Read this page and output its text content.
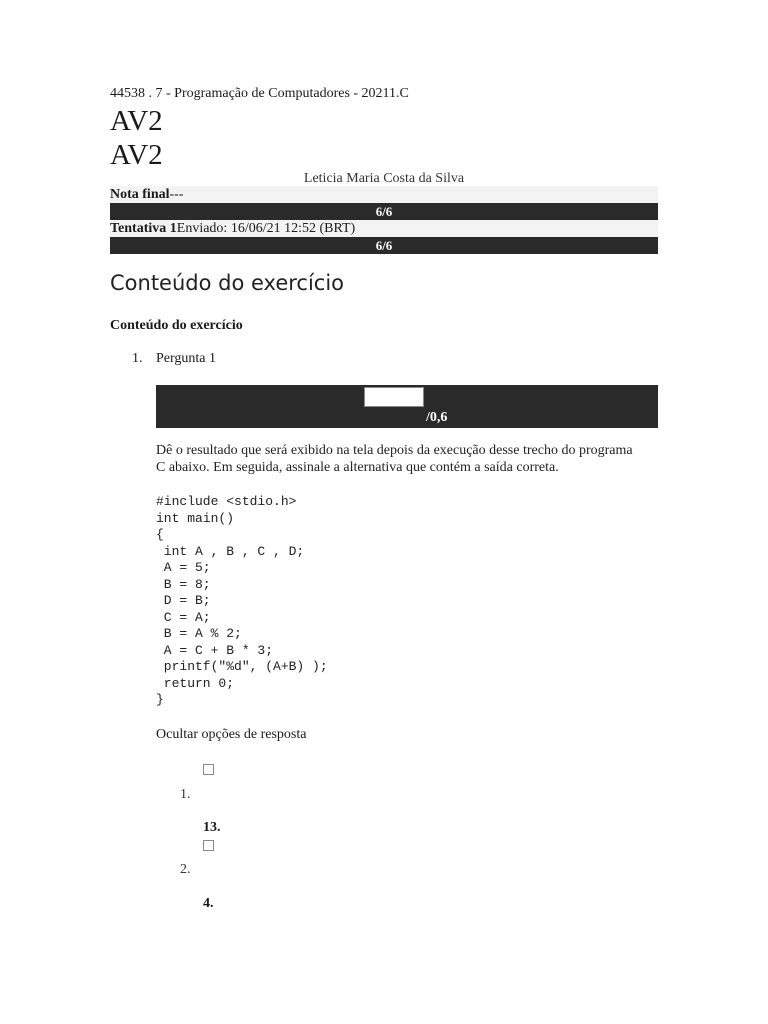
44538 . 7 - Programação de Computadores - 20211.C
AV2
AV2
Leticia Maria Costa da Silva
Nota final---
6/6
Tentativa 1Enviado: 16/06/21 12:52 (BRT)
6/6
Conteúdo do exercício
Conteúdo do exercício
1. Pergunta 1
/0,6
Dê o resultado que será exibido na tela depois da execução desse trecho do programa C abaixo. Em seguida, assinale a alternativa que contém a saída correta.
#include <stdio.h>
int main()
{
int A , B , C , D;
A = 5;
B = 8;
D = B;
C = A;
B = A % 2;
A = C + B * 3;
printf("%d", (A+B) );
return 0;
}
Ocultar opções de resposta
1.
13.
2.
4.
